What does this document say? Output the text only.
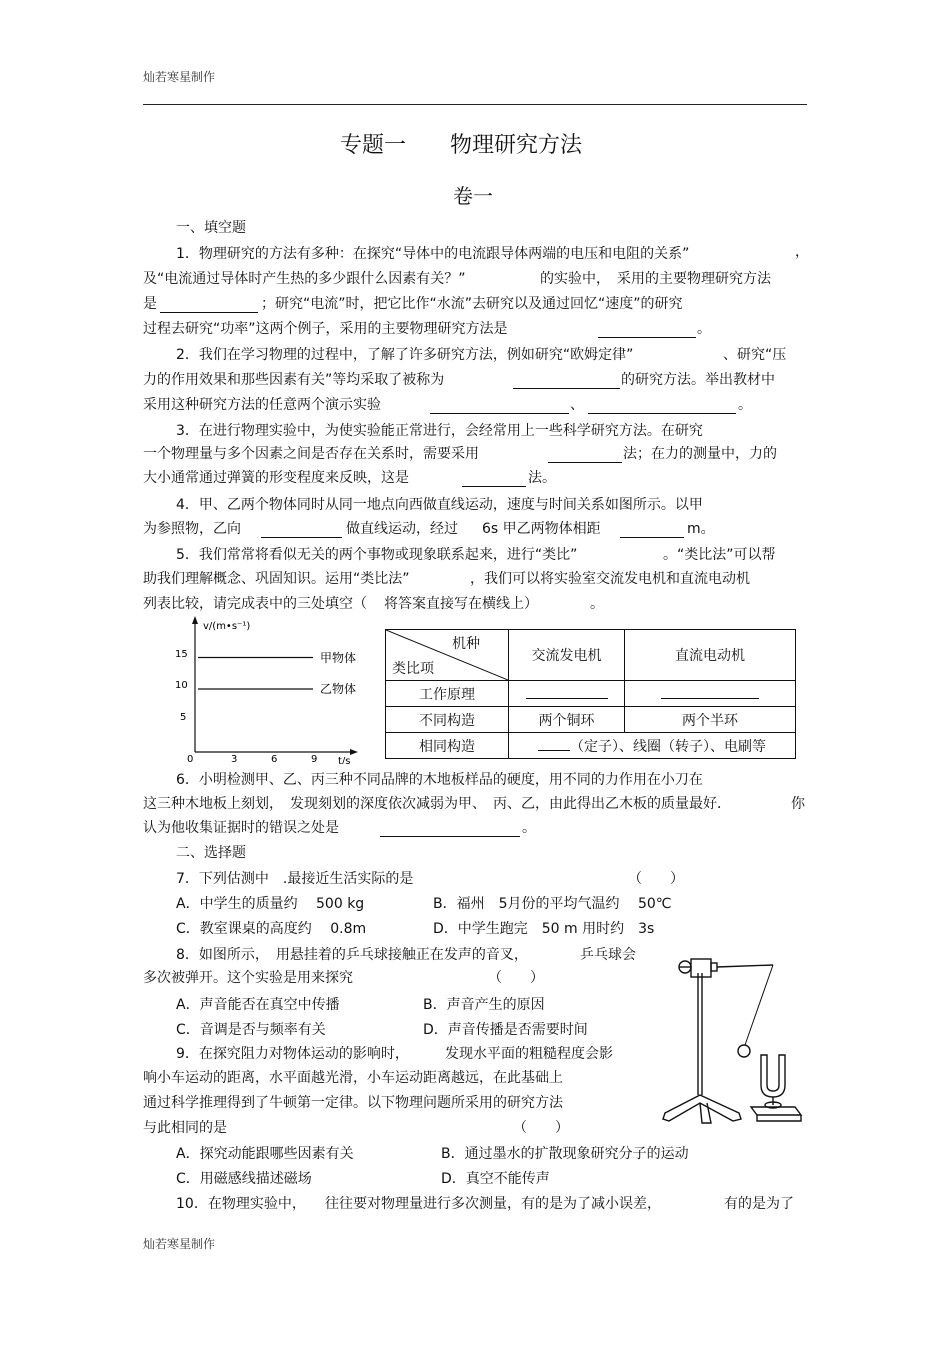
灿若寒星制作
专题一　　物理研究方法
卷一
一、填空题
1．物理研究的方法有多种：在探究“导体中的电流跟导体两端的电压和电阻的关系”	，
及“电流通过导体时产生热的多少跟什么因素有关？”	的实验中，　采用的主要物理研究方法
是	；研究“电流”时，把它比作“水流”去研究以及通过回忆“速度”的研究
过程去研究“功率”这两个例子，采用的主要物理研究方法是	。
2．我们在学习物理的过程中，了解了许多研究方法，例如研究“欧姆定律”	、研究“压
力的作用效果和那些因素有关”等均采取了被称为	的研究方法。举出教材中
采用这种研究方法的任意两个演示实验	、	。
3．在进行物理实验中，为使实验能正常进行，会经常用上一些科学研究方法。在研究
一个物理量与多个因素之间是否存在关系时，需要采用	法；在力的测量中，力的
大小通常通过弹簧的形变程度来反映，这是	法。
4．甲、乙两个物体同时从同一地点向西做直线运动，速度与时间关系如图所示。以甲
为参照物，乙向	做直线运动，经过 6s 甲乙两物体相距	m。
5．我们常常将看似无关的两个事物或现象联系起来，进行“类比”	。“类比法”可以帮
助我们理解概念、巩固知识。运用“类比法”	，我们可以将实验室交流发电机和直流电动机
列表比较，请完成表中的三处填空（ 将答案直接写在横线上）	。
v/(m•s⁻¹)
t/s
15
10
5
0	3	6	9
甲物体
乙物体
机种
类比项	交流发电机	直流电动机
工作原理		
不同构造	两个铜环	两个半环
相同构造	（定子）、线圈（转子）、电刷等	
6．小明检测甲、乙、丙三种不同品牌的木地板样品的硬度，用不同的力作用在小刀在
这三种木地板上刻划，　发现刻划的深度依次减弱为甲、　丙、乙，由此得出乙木板的质量最好．	你
认为他收集证据时的错误之处是	。
二、选择题
7．下列估测中　.最接近生活实际的是	（　　）
A．中学生的质量约　 500 kg	B．福州　5月份的平均气温约　 50℃
C．教室课桌的高度约　 0.8m	D．中学生跑完　50 m 用时约　3s
8．如图所示，　用悬挂着的乒乓球接触正在发声的音叉，	乒乓球会
多次被弹开。这个实验是用来探究	（　　）
A．声音能否在真空中传播	B．声音产生的原因
C．音调是否与频率有关	D．声音传播是否需要时间
9．在探究阻力对物体运动的影响时，	发现水平面的粗糙程度会影
响小车运动的距离，水平面越光滑，小车运动距离越远，在此基础上
通过科学推理得到了牛顿第一定律。以下物理问题所采用的研究方法
与此相同的是	（　　）
A．探究动能跟哪些因素有关	B．通过墨水的扩散现象研究分子的运动
C．用磁感线描述磁场	D．真空不能传声
10．在物理实验中， 往往要对物理量进行多次测量，有的是为了减小误差，	有的是为了
灿若寒星制作
